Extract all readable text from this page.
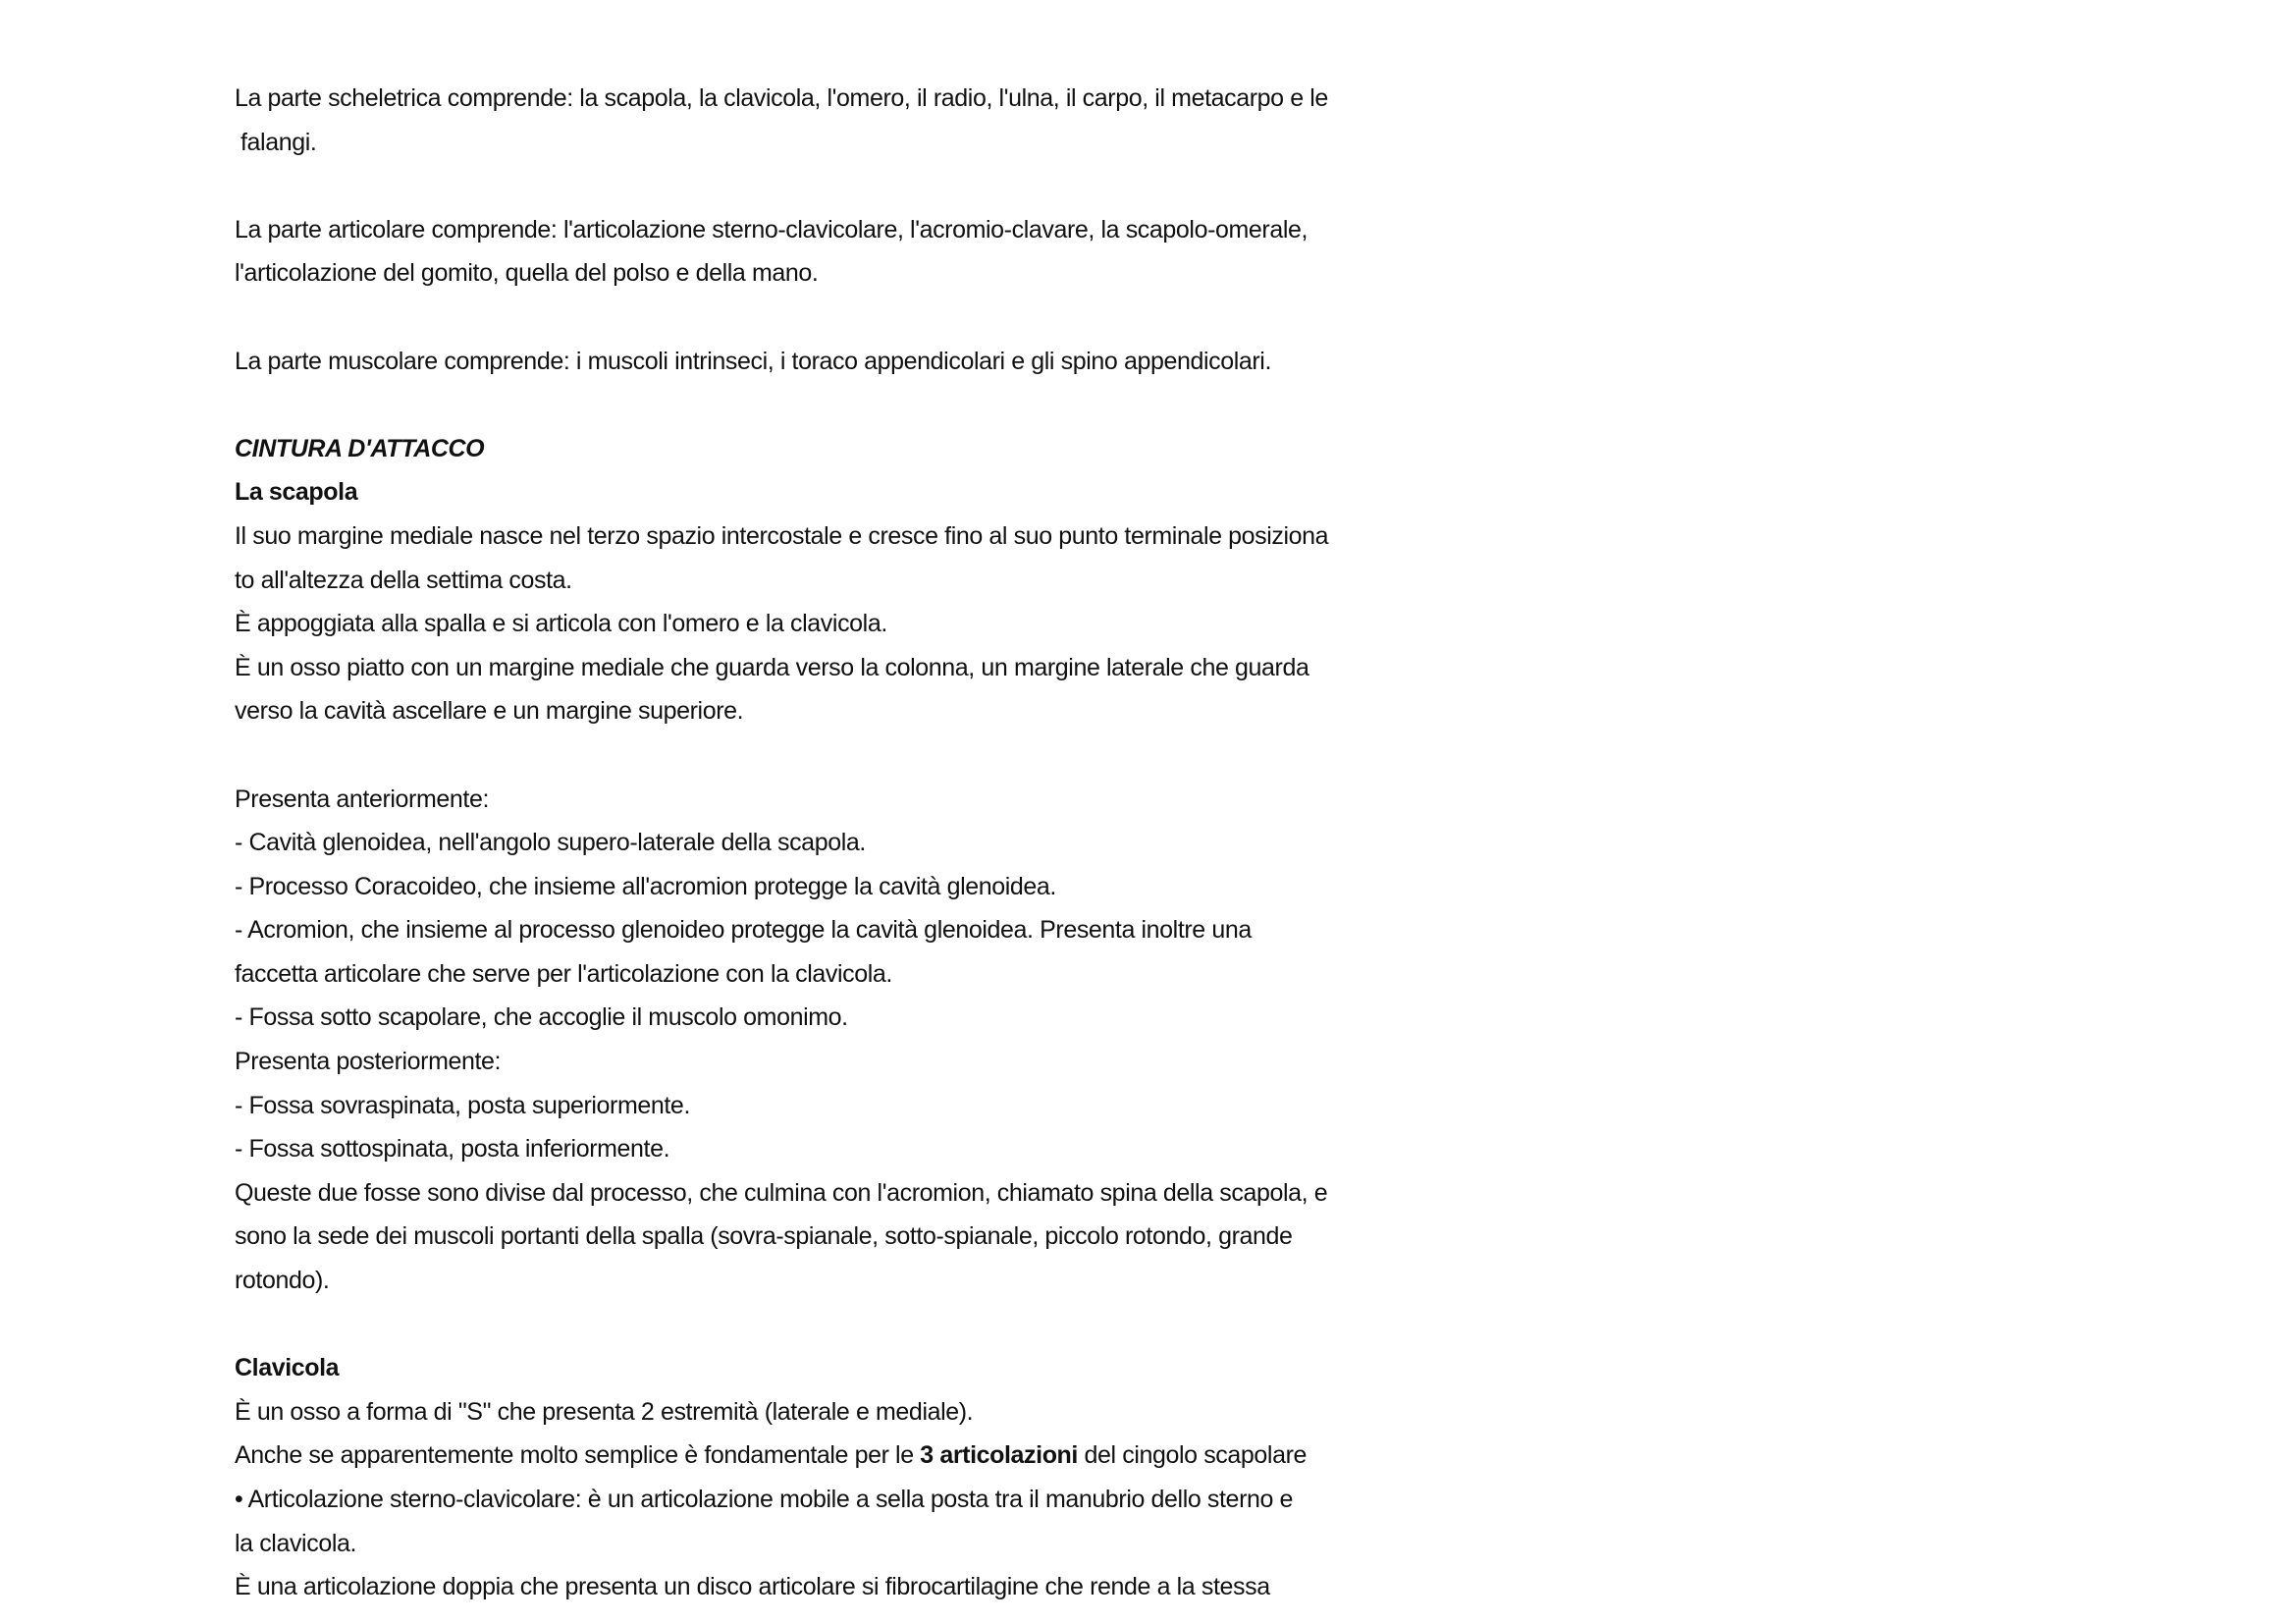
La parte scheletrica comprende: la scapola, la clavicola, l'omero, il radio, l'ulna, il carpo, il metacarpo e le
falangi.
La parte articolare comprende: l'articolazione sterno-clavicolare, l'acromio-clavare, la scapolo-omerale,
l'articolazione del gomito, quella del polso e della mano.
La parte muscolare comprende: i muscoli intrinseci, i toraco appendicolari e gli spino appendicolari.
CINTURA D'ATTACCO
La scapola
Il suo margine mediale nasce nel terzo spazio intercostale e cresce fino al suo punto terminale posiziona
to all'altezza della settima costa.
È appoggiata alla spalla e si articola con l'omero e la clavicola.
È un osso piatto con un margine mediale che guarda verso la colonna, un margine laterale che guarda
verso la cavità ascellare e un margine superiore.
Presenta anteriormente:
- Cavità glenoidea, nell'angolo supero-laterale della scapola.
- Processo Coracoideo, che insieme all'acromion protegge la cavità glenoidea.
- Acromion, che insieme al processo glenoideo protegge la cavità glenoidea. Presenta inoltre una
faccetta articolare che serve per l'articolazione con la clavicola.
- Fossa sotto scapolare, che accoglie il muscolo omonimo.
Presenta posteriormente:
- Fossa sovraspinata, posta superiormente.
- Fossa sottospinata, posta inferiormente.
Queste due fosse sono divise dal processo, che culmina con l'acromion, chiamato spina della scapola, e
sono la sede dei muscoli portanti della spalla (sovra-spianale, sotto-spianale, piccolo rotondo, grande
rotondo).
Clavicola
È un osso a forma di "S" che presenta 2 estremità (laterale e mediale).
Anche se apparentemente molto semplice è fondamentale per le 3 articolazioni del cingolo scapolare
• Articolazione sterno-clavicolare: è un articolazione mobile a sella posta tra il manubrio dello sterno e
la clavicola.
È una articolazione doppia che presenta un disco articolare si fibrocartilagine che rende a la stessa
